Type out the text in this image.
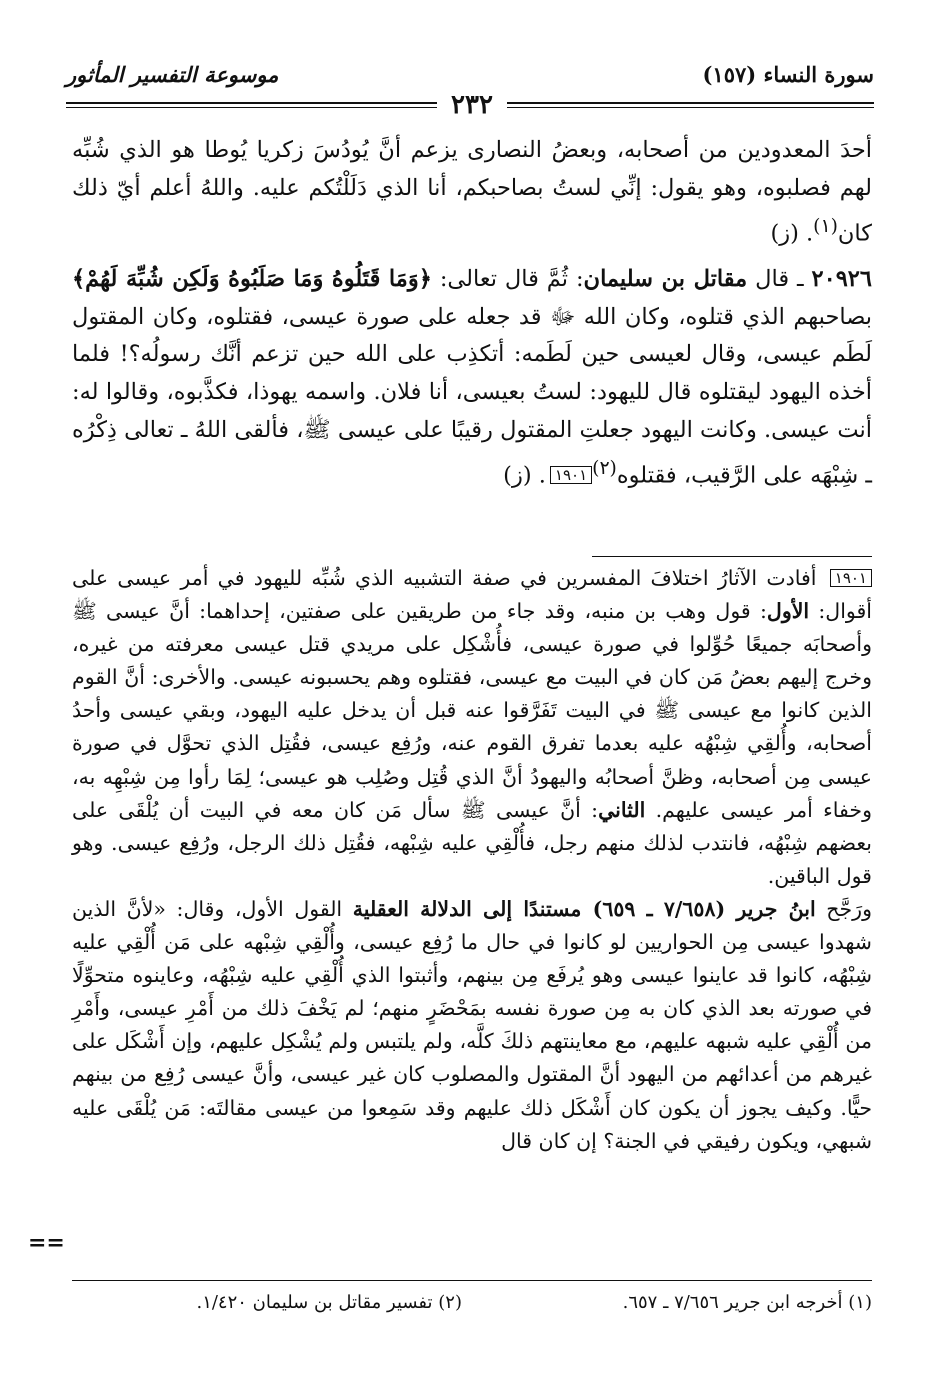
سورة النساء (١٥٧)
موسوعة التفسير المأثور
٢٣٢

أحدَ المعدودين من أصحابه، وبعضُ النصارى يزعم أنَّ يُودُسَ زكريا يُوطا هو الذي شُبِّه لهم فصلبوه، وهو يقول: إنِّي لستُ بصاحبكم، أنا الذي دَلَلْتُكم عليه. واللهُ أعلم أيّ ذلك كان$^{(١)}$. (ز)

٢٠٩٢٦ ـ قال مقاتل بن سليمان: ثُمَّ قال تعالى: ﴿وَمَا قَتَلُوهُ وَمَا صَلَبُوهُ وَلَكِن شُبِّهَ لَهُمْ﴾ بصاحبهم الذي قتلوه، وكان الله ﷻ قد جعله على صورة عيسى، فقتلوه، وكان المقتول لَطَم عيسى، وقال لعيسى حين لَطَمه: أتكذِب على الله حين تزعم أنَّك رسولُه؟! فلما أخذه اليهود ليقتلوه قال لليهود: لستُ بعيسى، أنا فلان. واسمه يهوذا، فكذَّبوه، وقالوا له: أنت عيسى. وكانت اليهود جعلتِ المقتول رقيبًا على عيسى ﷺ، فألقى اللهُ ـ تعالى ذِكْرُه ـ شِبْهَه على الرَّقيب، فقتلوه$^{(٢)}$١٩٠١. (ز)

١٩٠١ أفادت الآثارُ اختلافَ المفسرين في صفة التشبيه الذي شُبِّه لليهود في أمر عيسى على أقوال: الأول: قول وهب بن منبه، وقد جاء من طريقين على صفتين، إحداهما: أنَّ عيسى ﷺ وأصحابَه جميعًا حُوِّلوا في صورة عيسى، فأُشْكِل على مريدي قتل عيسى معرفته من غيره، وخرج إليهم بعضُ مَن كان في البيت مع عيسى، فقتلوه وهم يحسبونه عيسى. والأخرى: أنَّ القوم الذين كانوا مع عيسى ﷺ في البيت تَفَرَّقوا عنه قبل أن يدخل عليه اليهود، وبقي عيسى وأحدُ أصحابه، وأُلقِي شِبْهُه عليه بعدما تفرق القوم عنه، ورُفِع عيسى، فقُتِل الذي تحوَّل في صورة عيسى مِن أصحابه، وظنَّ أصحابُه واليهودُ أنَّ الذي قُتِل وصُلِب هو عيسى؛ لِمَا رأوا مِن شِبْهِه به، وخفاء أمر عيسى عليهم. الثاني: أنَّ عيسى ﷺ سأل مَن كان معه في البيت أن يُلْقَى على بعضهم شِبْهُه، فانتدب لذلك منهم رجل، فأُلْقِي عليه شِبْهه، فقُتِل ذلك الرجل، ورُفِع عيسى. وهو قول الباقين.

ورَجَّح ابنُ جرير (٧/٦٥٨ ـ ٦٥٩) مستندًا إلى الدلالة العقلية القول الأول، وقال: «لأنَّ الذين شهدوا عيسى مِن الحواريين لو كانوا في حال ما رُفِع عيسى، وأُلْقِي شِبْهه على مَن أُلْقِي عليه شِبْهُه، كانوا قد عاينوا عيسى وهو يُرفَع مِن بينهم، وأثبتوا الذي أُلْقِي عليه شِبْهُه، وعاينوه متحوِّلًا في صورته بعد الذي كان به مِن صورة نفسه بمَحْضَرٍ منهم؛ لم يَخْفَ ذلك من أَمْرِ عيسى، وأَمْرِ من أُلْقِي عليه شبهه عليهم، مع معاينتهم ذلكَ كلَّه، ولم يلتبس ولم يُشْكِل عليهم، وإن أَشْكَل على غيرهم من أعدائهم من اليهود أنَّ المقتول والمصلوب كان غير عيسى، وأنَّ عيسى رُفِع من بينهم حيًّا. وكيف يجوز أن يكون كان أَشْكَل ذلك عليهم وقد سَمِعوا من عيسى مقالتَه: مَن يُلْقَى عليه شبهي، ويكون رفيقي في الجنة؟ إن كان قال

==
(١) أخرجه ابن جرير ٧/٦٥٦ ـ ٦٥٧.
(٢) تفسير مقاتل بن سليمان ١/٤٢٠.
